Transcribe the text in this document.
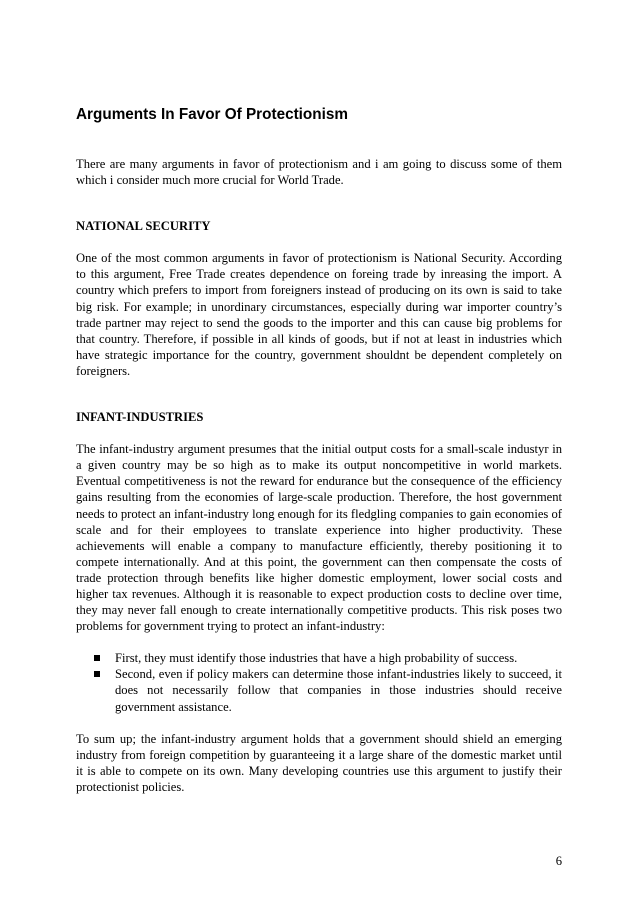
Arguments In Favor Of Protectionism

There are many arguments in favor of protectionism and i am going to discuss some of them which i consider much more crucial for World Trade.

NATIONAL SECURITY

One of the most common arguments in favor of protectionism is National Security. According to this argument, Free Trade creates dependence on foreing trade by inreasing the import. A country which prefers to import from foreigners instead of producing on its own is said to take big risk. For example; in unordinary circumstances, especially during war importer country’s trade partner may reject to send the goods to the importer and this can cause big problems for that country. Therefore, if possible in all kinds of goods, but if not at least in industries which have strategic importance for the country, government shouldnt be dependent completely on foreigners.

INFANT-INDUSTRIES

The infant-industry argument presumes that the initial output costs for a small-scale industyr in a given country may be so high as to make its output noncompetitive in world markets. Eventual competitiveness is not the reward for endurance but the consequence of the efficiency gains resulting from the economies of large-scale production. Therefore, the host government needs to protect an infant-industry long enough for its fledgling companies to gain economies of scale and for their employees to translate experience into higher productivity. These achievements will enable a company to manufacture efficiently, thereby positioning it to compete internationally. And at this point, the government can then compensate the costs of trade protection through benefits like higher domestic employment, lower social costs and higher tax revenues. Although it is reasonable to expect production costs to decline over time, they may never fall enough to create internationally competitive products. This risk poses two problems for government trying to protect an infant-industry:

First, they must identify those industries that have a high probability of success.
Second, even if policy makers can determine those infant-industries likely to succeed, it does not necessarily follow that companies in those industries should receive government assistance.

To sum up; the infant-industry argument holds that a government should shield an emerging industry from foreign competition by guaranteeing it a large share of the domestic market until it is able to compete on its own. Many developing countries use this argument to justify their protectionist policies.

6
